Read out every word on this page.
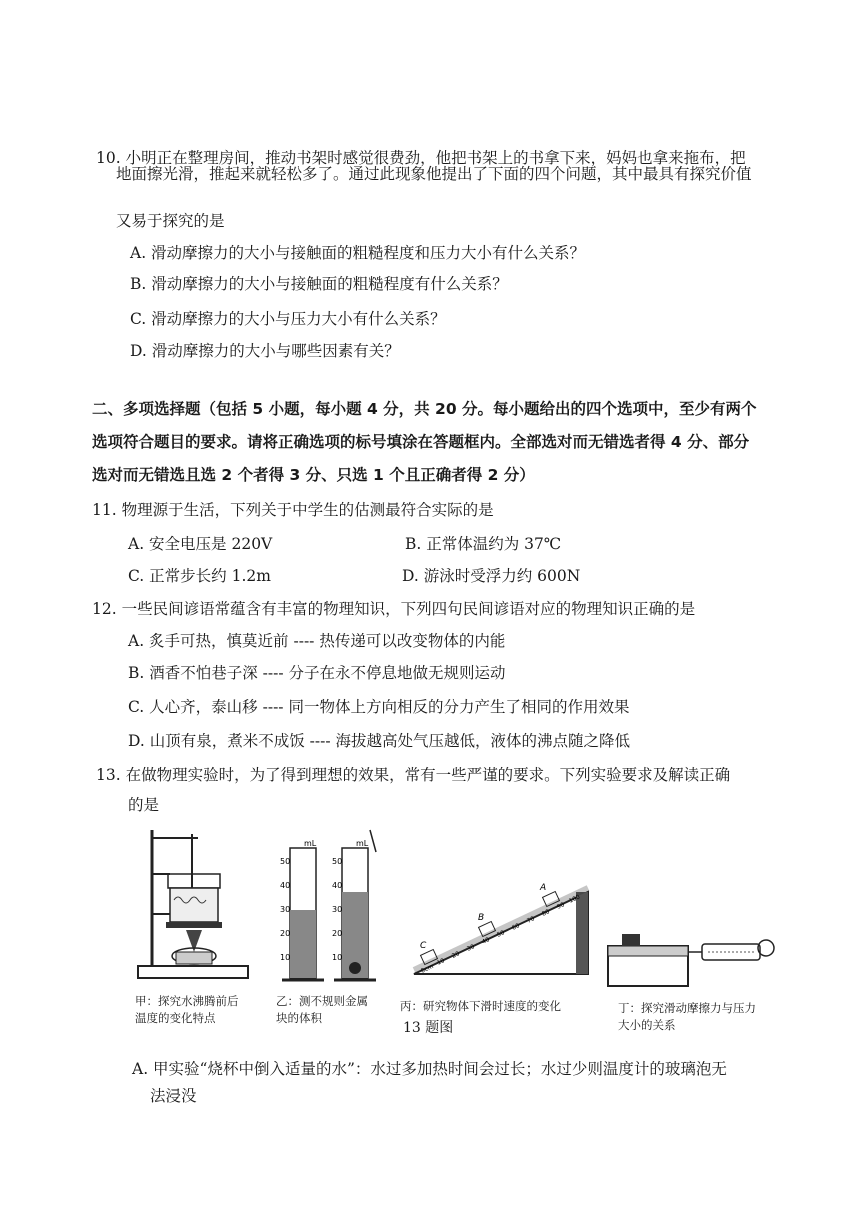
10. 小明正在整理房间，推动书架时感觉很费劲，他把书架上的书拿下来，妈妈也拿来拖布，把
地面擦光滑，推起来就轻松多了。通过此现象他提出了下面的四个问题，其中最具有探究价值
又易于探究的是
A. 滑动摩擦力的大小与接触面的粗糙程度和压力大小有什么关系？
B. 滑动摩擦力的大小与接触面的粗糙程度有什么关系？
C. 滑动摩擦力的大小与压力大小有什么关系？
D. 滑动摩擦力的大小与哪些因素有关？
二、多项选择题（包括 5 小题，每小题 4 分，共 20 分。每小题给出的四个选项中，至少有两个
选项符合题目的要求。请将正确选项的标号填涂在答题框内。全部选对而无错选者得 4 分、部分
选对而无错选且选 2 个者得 3 分、只选 1 个且正确者得 2 分）
11. 物理源于生活，下列关于中学生的估测最符合实际的是
A. 安全电压是 220V	B. 正常体温约为 37℃
C. 正常步长约 1.2m	D. 游泳时受浮力约 600N
12. 一些民间谚语常蕴含有丰富的物理知识，下列四句民间谚语对应的物理知识正确的是
A. 炙手可热，慎莫近前 ---- 热传递可以改变物体的内能
B. 酒香不怕巷子深 ---- 分子在永不停息地做无规则运动
C. 人心齐，泰山移 ---- 同一物体上方向相反的分力产生了相同的作用效果
D. 山顶有泉，煮米不成饭 ---- 海拔越高处气压越低，液体的沸点随之降低
13. 在做物理实验时，为了得到理想的效果，常有一些严谨的要求。下列实验要求及解读正确
的是
mL	mL
50
40
30
20
10
50
40
30
20
10
A
B
C
0cm
10
20
30
40
50
60
70
80
90
100
甲：探究水沸腾前后
温度的变化特点
乙：测不规则金属
块的体积
丙：研究物体下滑时速度的变化	丁：探究滑动摩擦力与压力
大小的关系
13 题图
A. 甲实验“烧杯中倒入适量的水”：水过多加热时间会过长；水过少则温度计的玻璃泡无
法浸没
